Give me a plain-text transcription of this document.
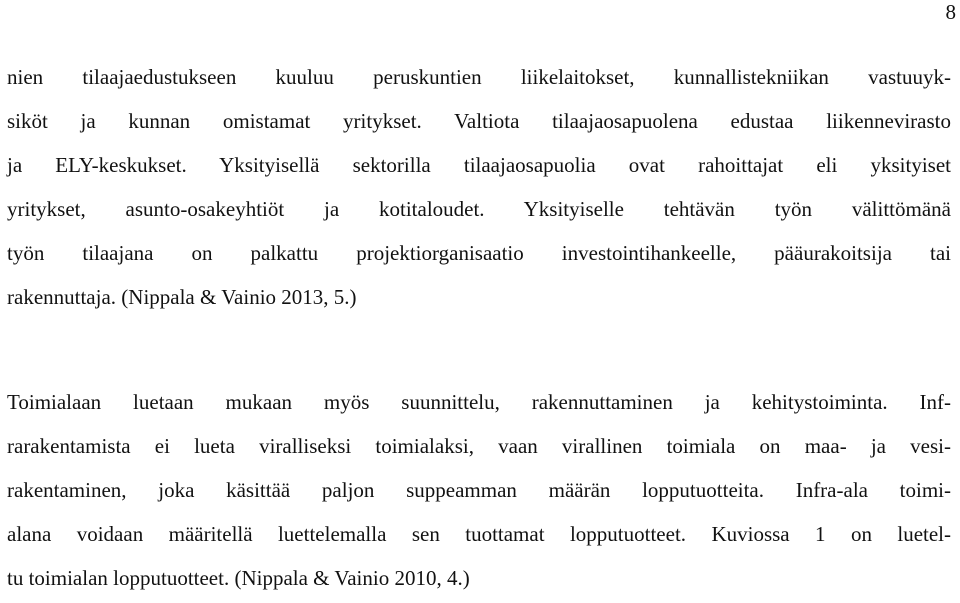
8
nien tilaajaedustukseen kuuluu peruskuntien liikelaitokset, kunnallistekniikan vastuuyk-
siköt ja kunnan omistamat yritykset. Valtiota tilaajaosapuolena edustaa liikennevirasto
ja ELY-keskukset. Yksityisellä sektorilla tilaajaosapuolia ovat rahoittajat eli yksityiset
yritykset, asunto-osakeyhtiöt ja kotitaloudet. Yksityiselle tehtävän työn välittömänä
työn tilaajana on palkattu projektiorganisaatio investointihankeelle, pääurakoitsija tai
rakennuttaja. (Nippala & Vainio 2013, 5.)
Toimialaan luetaan mukaan myös suunnittelu, rakennuttaminen ja kehitystoiminta. Inf-
rarakentamista ei lueta viralliseksi toimialaksi, vaan virallinen toimiala on maa- ja vesi-
rakentaminen, joka käsittää paljon suppeamman määrän lopputuotteita. Infra-ala toimi-
alana voidaan määritellä luettelemalla sen tuottamat lopputuotteet. Kuviossa 1 on luetel-
tu toimialan lopputuotteet. (Nippala & Vainio 2010, 4.)
